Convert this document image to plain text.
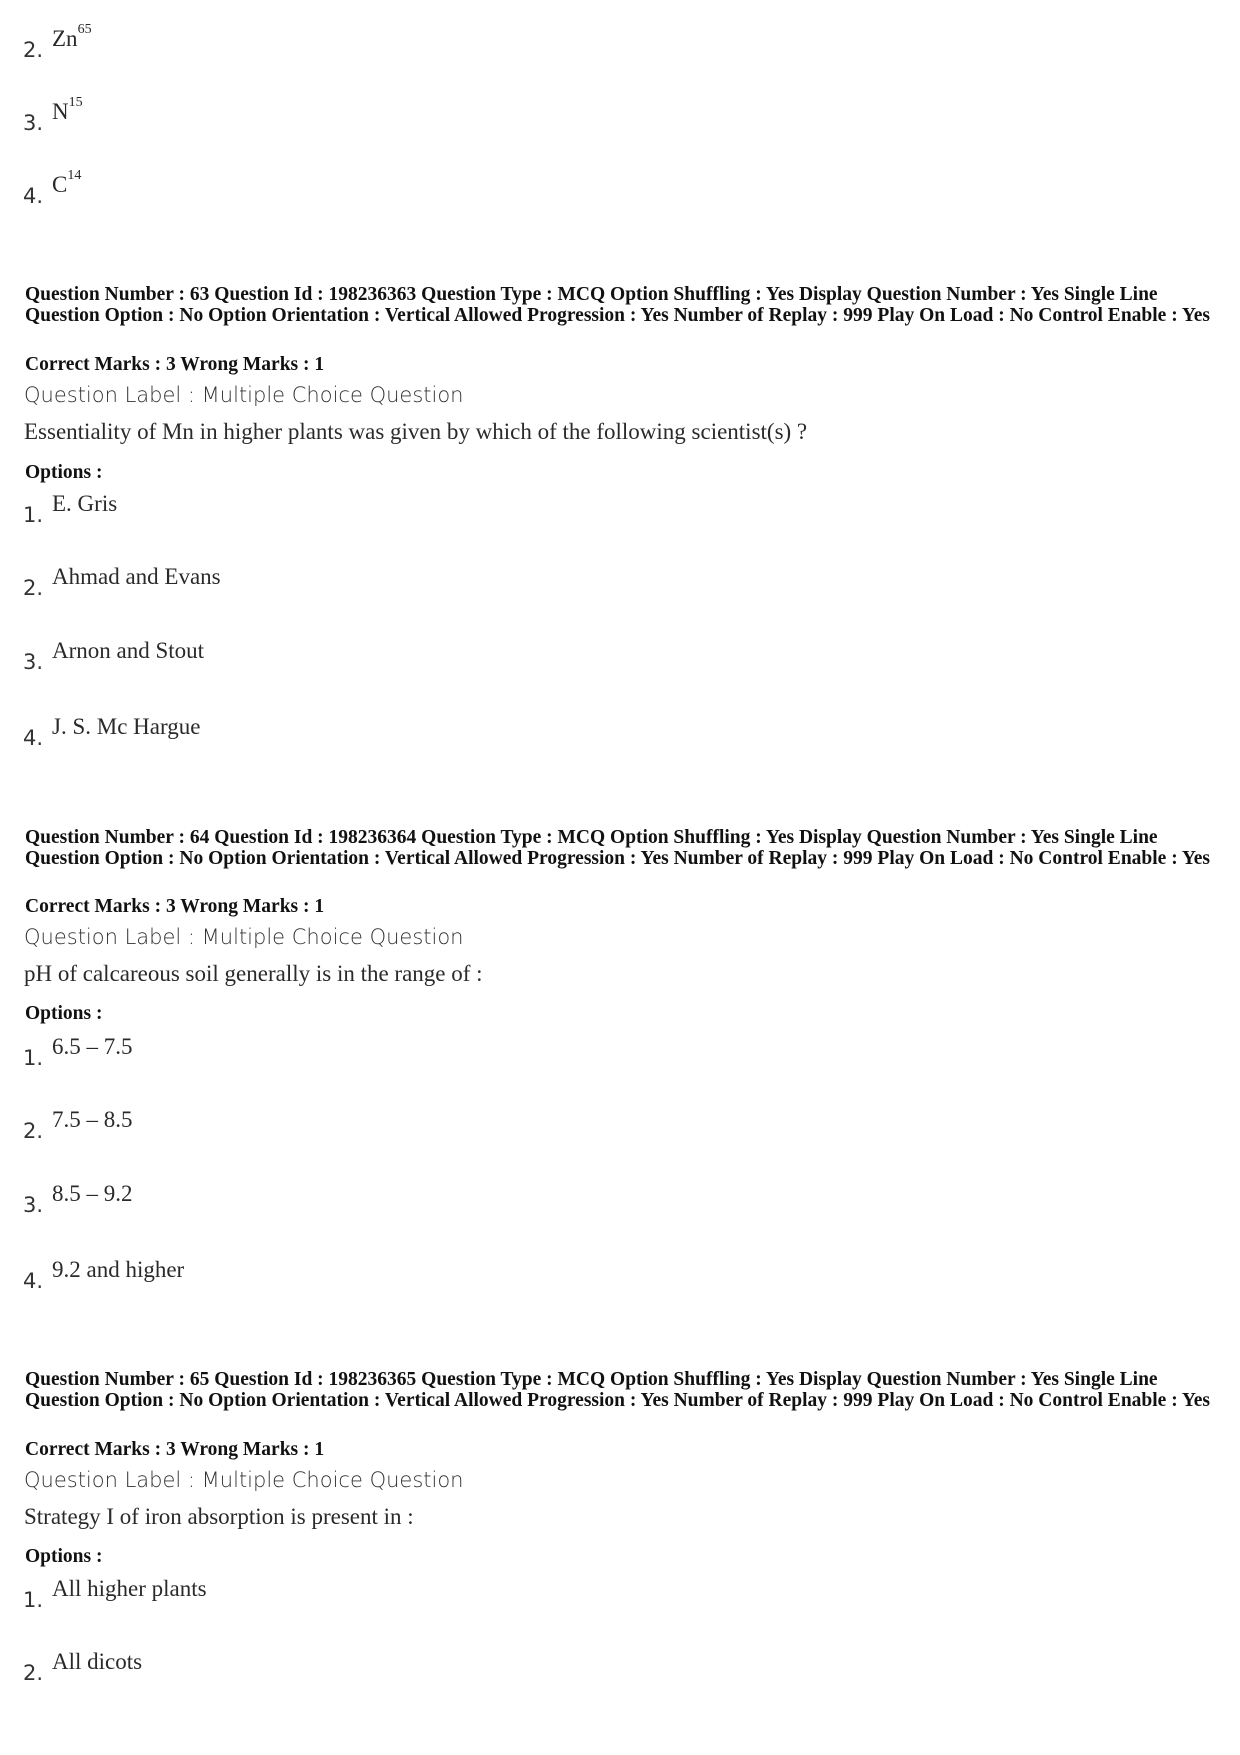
2. Zn$^{65}$
3. $N^{15}$
4. $C^{14}$
Question Number : 63 Question Id : 198236363 Question Type : MCQ Option Shuffling : Yes Display Question Number : Yes Single Line Question Option : No Option Orientation : Vertical Allowed Progression : Yes Number of Replay : 999 Play On Load : No Control Enable : Yes
Correct Marks : 3 Wrong Marks : 1
Question Label : Multiple Choice Question
Essentiality of Mn in higher plants was given by which of the following scientist(s) ?
Options :
1. E. Gris
2. Ahmad and Evans
3. Arnon and Stout
4. J. S. Mc Hargue
Question Number : 64 Question Id : 198236364 Question Type : MCQ Option Shuffling : Yes Display Question Number : Yes Single Line Question Option : No Option Orientation : Vertical Allowed Progression : Yes Number of Replay : 999 Play On Load : No Control Enable : Yes
Correct Marks : 3 Wrong Marks : 1
Question Label : Multiple Choice Question
pH of calcareous soil generally is in the range of :
Options :
1. 6.5 – 7.5
2. 7.5 – 8.5
3. 8.5 – 9.2
4. 9.2 and higher
Question Number : 65 Question Id : 198236365 Question Type : MCQ Option Shuffling : Yes Display Question Number : Yes Single Line Question Option : No Option Orientation : Vertical Allowed Progression : Yes Number of Replay : 999 Play On Load : No Control Enable : Yes
Correct Marks : 3 Wrong Marks : 1
Question Label : Multiple Choice Question
Strategy I of iron absorption is present in :
Options :
1. All higher plants
2. All dicots
